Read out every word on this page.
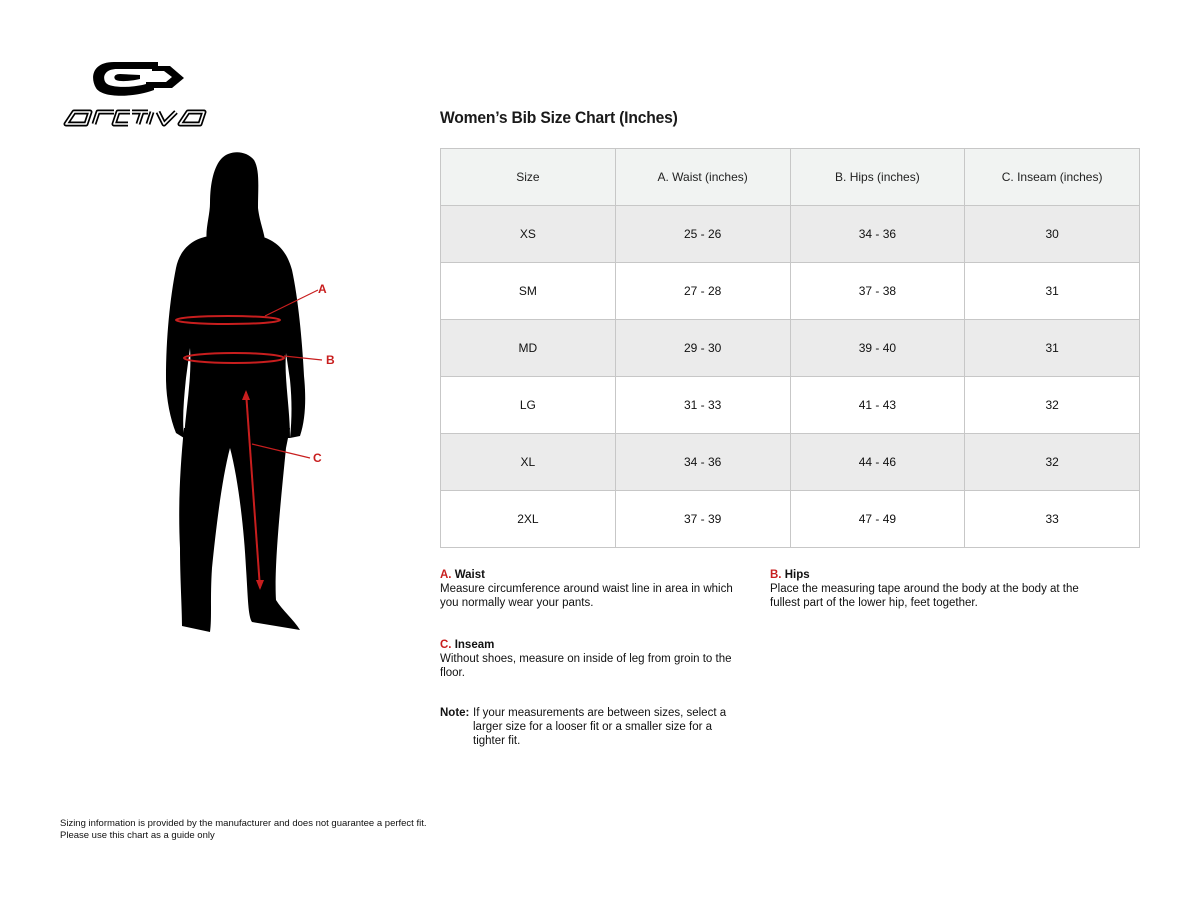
A
B
C
Women’s Bib Size Chart (Inches)
Size	A. Waist (inches)	B. Hips (inches)	C. Inseam (inches)
XS	25 - 26	34 - 36	30
SM	27 - 28	37 - 38	31
MD	29 - 30	39 - 40	31
LG	31 - 33	41 - 43	32
XL	34 - 36	44 - 46	32
2XL	37 - 39	47 - 49	33
A. Waist
Measure circumference around waist line in area in which you normally wear your pants.
B. Hips
Place the measuring tape around the body at the body at the fullest part of the lower hip, feet together.
C. Inseam
Without shoes, measure on inside of leg from groin to the floor.
Note: If your measurements are between sizes, select a larger size for a looser fit or a smaller size for a tighter fit.
Sizing information is provided by the manufacturer and does not guarantee a perfect fit.
Please use this chart as a guide only
